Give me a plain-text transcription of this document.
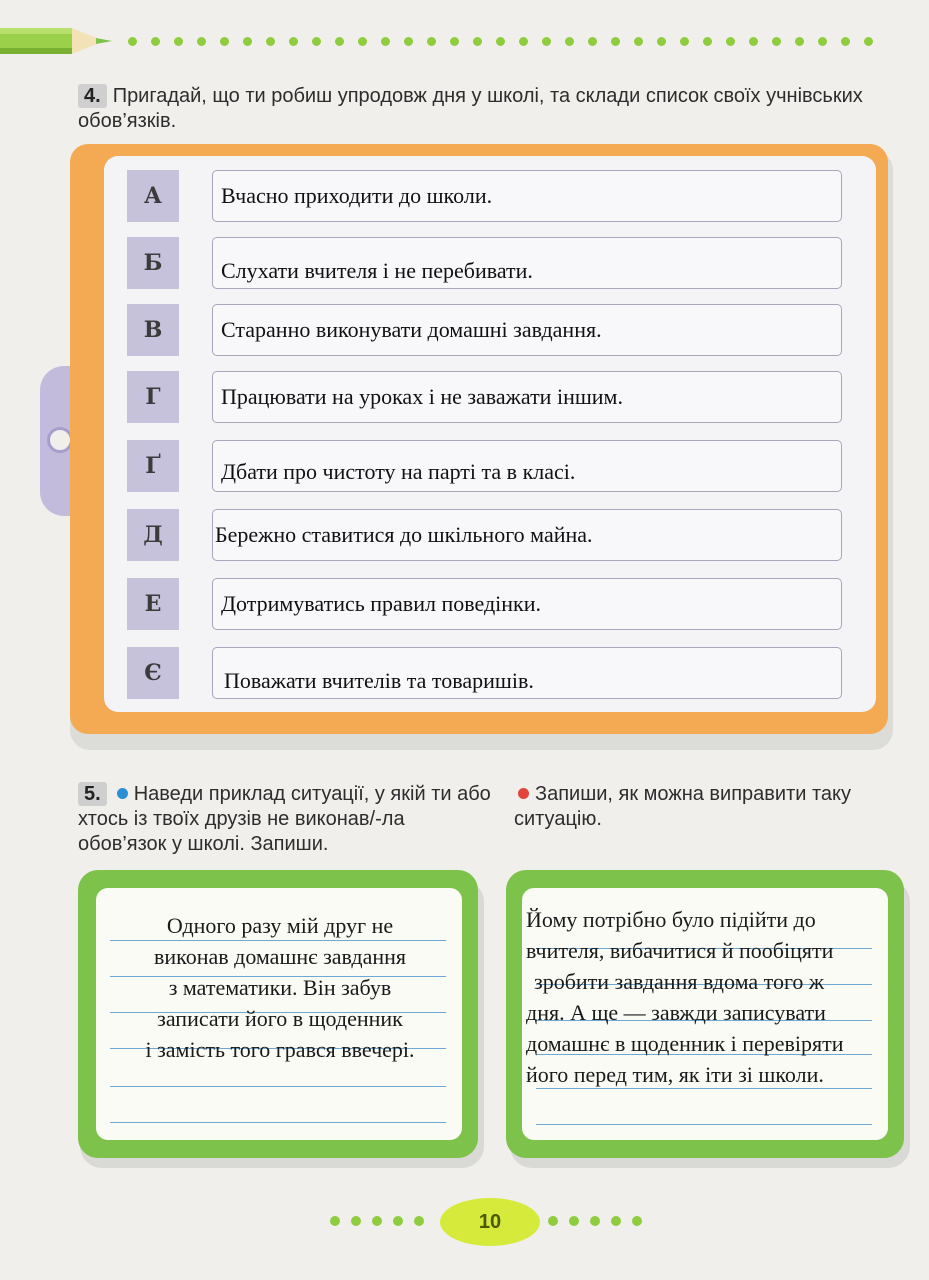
4. Пригадай, що ти робиш упродовж дня у школі, та склади список своїх учнівських обов’язків.
А	Вчасно приходити до школи.
Б	Слухати вчителя і не перебивати.
В	Старанно виконувати домашні завдання.
Г	Працювати на уроках і не заважати іншим.
Ґ	Дбати про чистоту на парті та в класі.
Д	Бережно ставитися до шкільного майна.
Е	Дотримуватись правил поведінки.
Є	Поважати вчителів та товаришів.
5. Наведи приклад ситуації, у якій ти або хтось із твоїх друзів не виконав/-ла обов’язок у школі. Запиши.
Запиши, як можна виправити таку ситуацію.
Одного разу мій друг не
виконав домашнє завдання
з математики. Він забув
записати його в щоденник
і замість того грався ввечері.
Йому потрібно було підійти до
вчителя, вибачитися й пообіцяти
зробити завдання вдома того ж
дня. А ще — завжди записувати
домашнє в щоденник і перевіряти
його перед тим, як іти зі школи.
10
